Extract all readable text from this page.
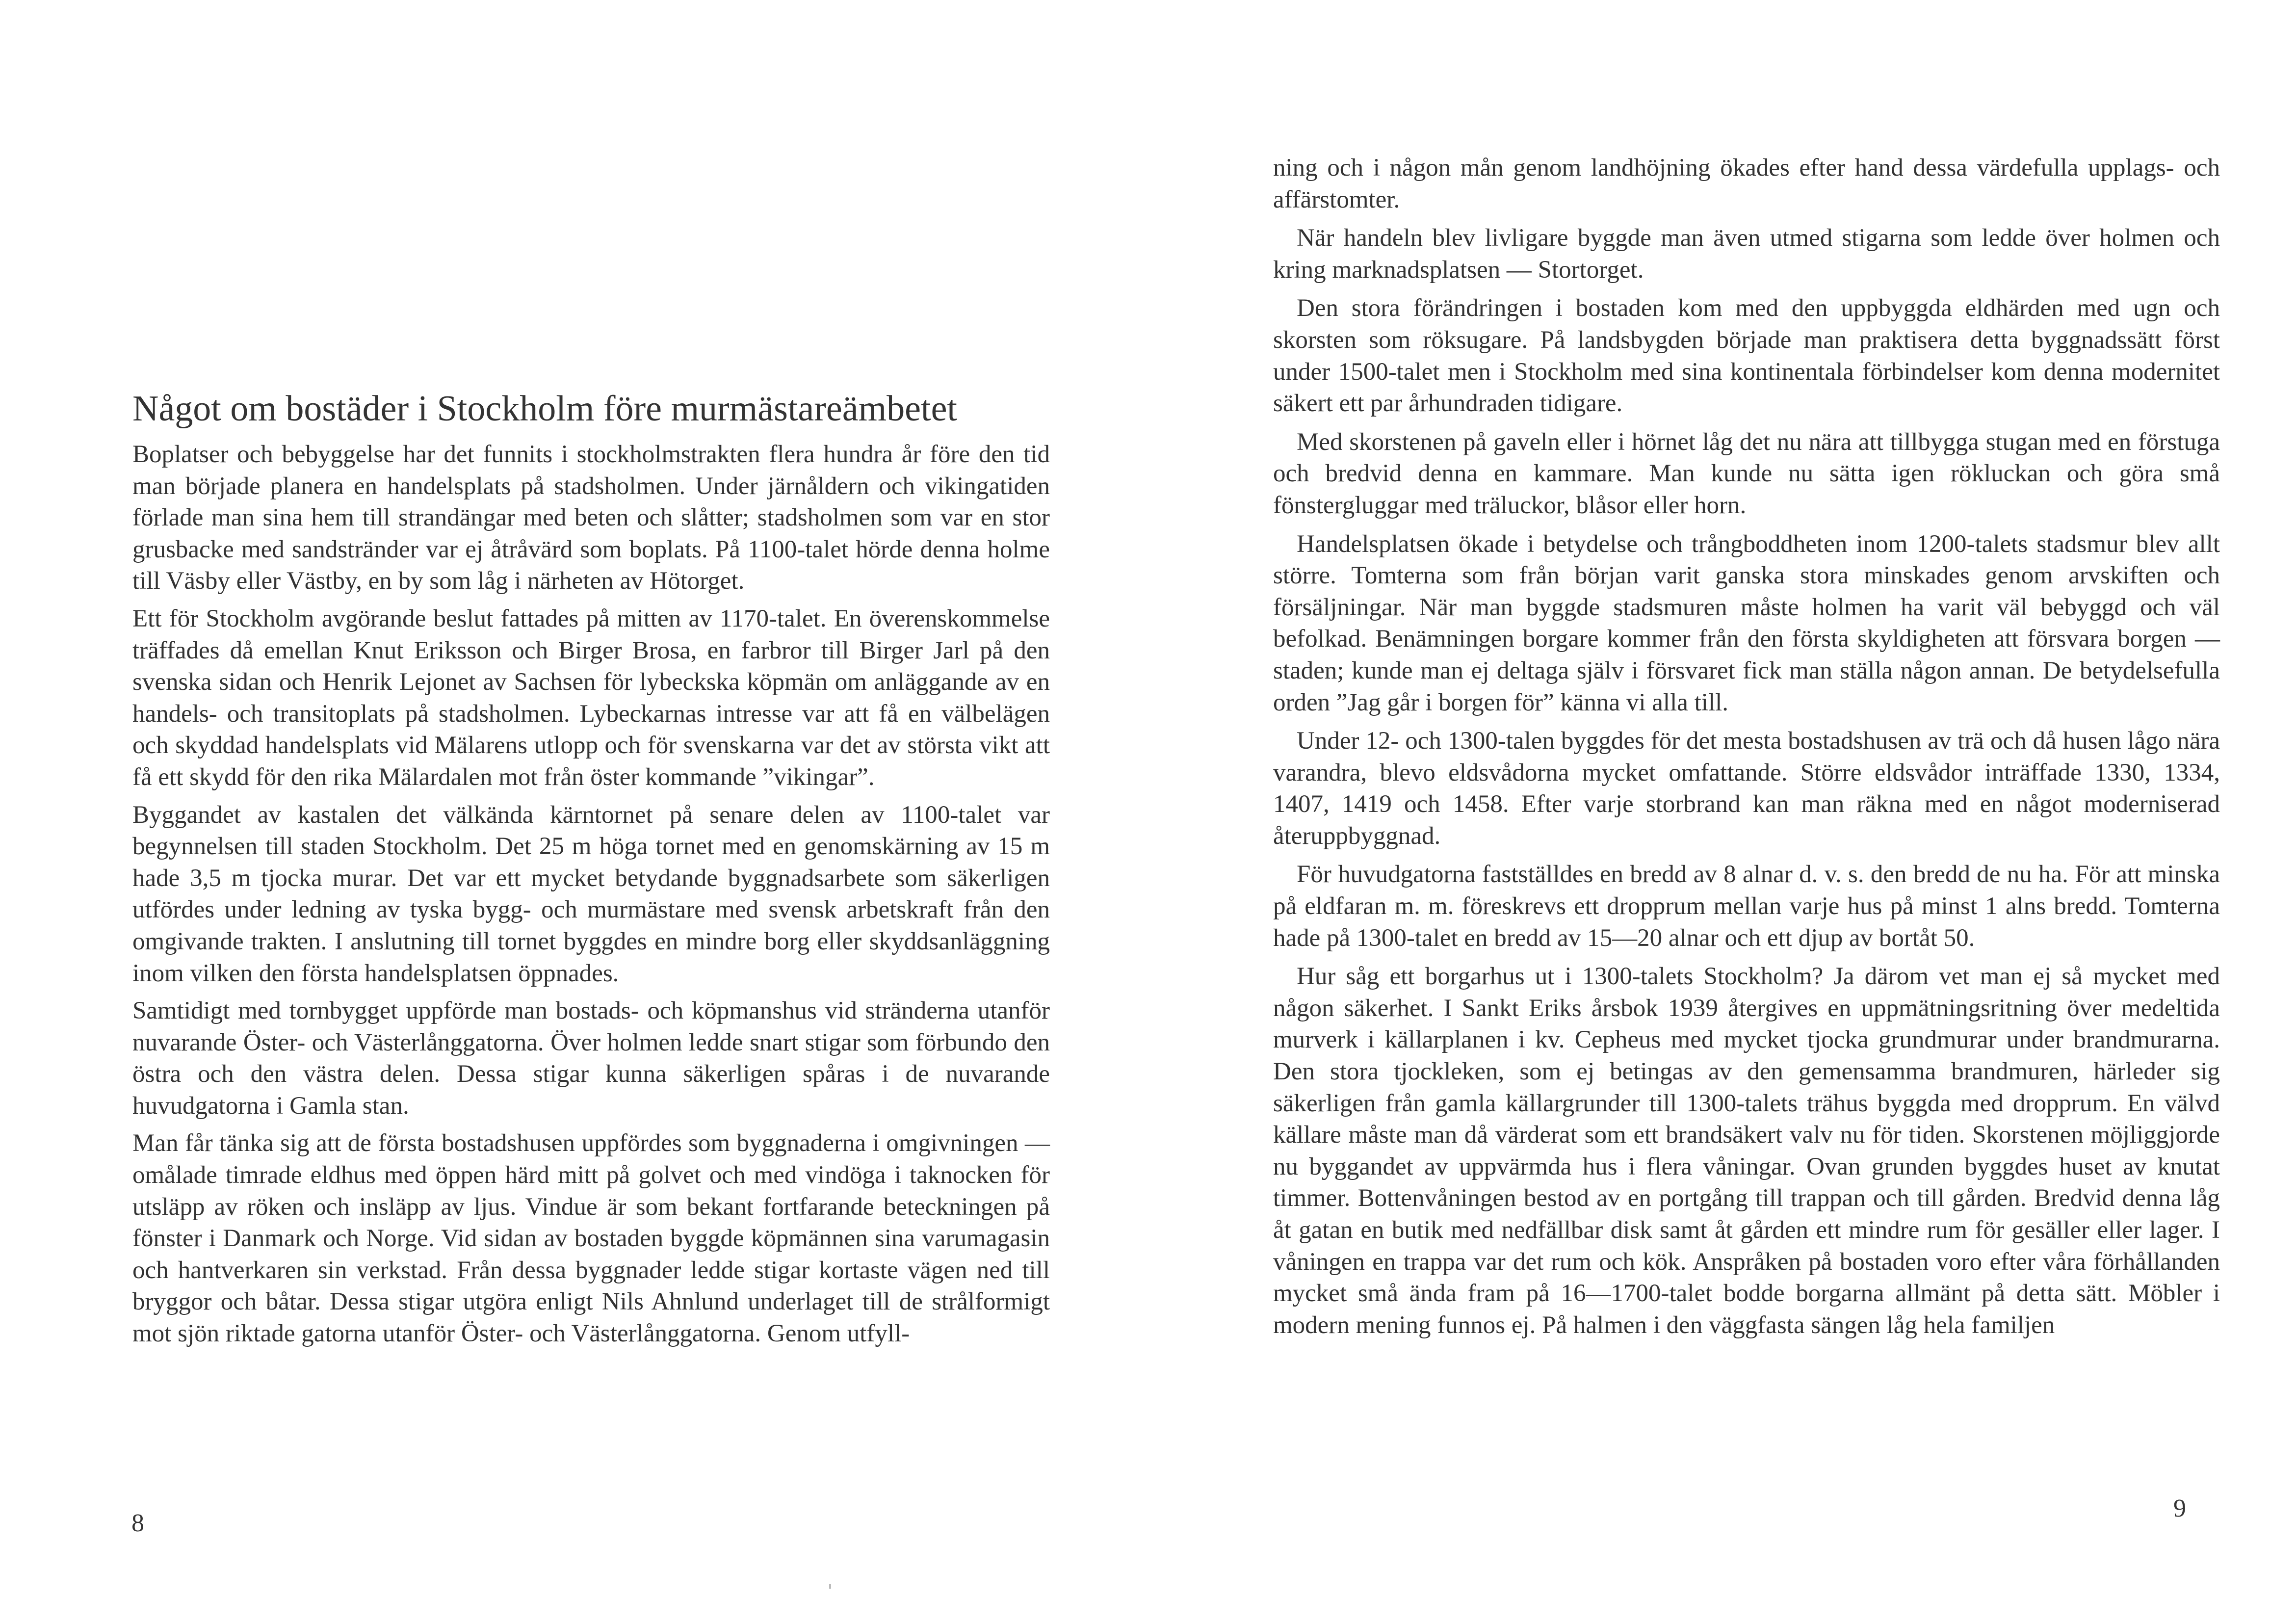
Något om bostäder i Stockholm före murmästareämbetet

Boplatser och bebyggelse har det funnits i stockholmstrakten flera hundra år före den tid man började planera en handelsplats på stadsholmen. Under järnåldern och vikingatiden förlade man sina hem till strandängar med beten och slåtter; stadsholmen som var en stor grusbacke med sandstränder var ej åtråvärd som boplats. På 1100-talet hörde denna holme till Väsby eller Västby, en by som låg i närheten av Hötorget.

Ett för Stockholm avgörande beslut fattades på mitten av 1170-talet. En överenskommelse träffades då emellan Knut Eriksson och Birger Brosa, en farbror till Birger Jarl på den svenska sidan och Henrik Lejonet av Sachsen för lybeckska köpmän om anläggande av en handels- och transitoplats på stadsholmen. Lybeckarnas intresse var att få en välbelägen och skyddad handelsplats vid Mälarens utlopp och för svenskarna var det av största vikt att få ett skydd för den rika Mälardalen mot från öster kommande ”vikingar”.

Byggandet av kastalen det välkända kärntornet på senare delen av 1100-talet var begynnelsen till staden Stockholm. Det 25 m höga tornet med en genomskärning av 15 m hade 3,5 m tjocka murar. Det var ett mycket betydande byggnadsarbete som säkerligen utfördes under ledning av tyska bygg- och murmästare med svensk arbetskraft från den omgivande trakten. I anslutning till tornet byggdes en mindre borg eller skyddsanläggning inom vilken den första handelsplatsen öppnades.

Samtidigt med tornbygget uppförde man bostads- och köpmanshus vid stränderna utanför nuvarande Öster- och Västerlånggatorna. Över holmen ledde snart stigar som förbundo den östra och den västra delen. Dessa stigar kunna säkerligen spåras i de nuvarande huvudgatorna i Gamla stan.

Man får tänka sig att de första bostadshusen uppfördes som byggnaderna i omgivningen — omålade timrade eldhus med öppen härd mitt på golvet och med vindöga i taknocken för utsläpp av röken och insläpp av ljus. Vindue är som bekant fortfarande beteckningen på fönster i Danmark och Norge. Vid sidan av bostaden byggde köpmännen sina varumagasin och hantverkaren sin verkstad. Från dessa byggnader ledde stigar kortaste vägen ned till bryggor och båtar. Dessa stigar utgöra enligt Nils Ahnlund underlaget till de strålformigt mot sjön riktade gatorna utanför Öster- och Västerlånggatorna. Genom utfyll-

8

ning och i någon mån genom landhöjning ökades efter hand dessa värdefulla upplags- och affärstomter.

När handeln blev livligare byggde man även utmed stigarna som ledde över holmen och kring marknadsplatsen — Stortorget.

Den stora förändringen i bostaden kom med den uppbyggda eldhärden med ugn och skorsten som röksugare. På landsbygden började man praktisera detta byggnadssätt först under 1500-talet men i Stockholm med sina kontinentala förbindelser kom denna modernitet säkert ett par århundraden tidigare.

Med skorstenen på gaveln eller i hörnet låg det nu nära att tillbygga stugan med en förstuga och bredvid denna en kammare. Man kunde nu sätta igen rökluckan och göra små fönstergluggar med träluckor, blåsor eller horn.

Handelsplatsen ökade i betydelse och trångboddheten inom 1200-talets stadsmur blev allt större. Tomterna som från början varit ganska stora minskades genom arvskiften och försäljningar. När man byggde stadsmuren måste holmen ha varit väl bebyggd och väl befolkad. Benämningen borgare kommer från den första skyldigheten att försvara borgen — staden; kunde man ej deltaga själv i försvaret fick man ställa någon annan. De betydelsefulla orden ”Jag går i borgen för” känna vi alla till.

Under 12- och 1300-talen byggdes för det mesta bostadshusen av trä och då husen lågo nära varandra, blevo eldsvådorna mycket omfattande. Större eldsvådor inträffade 1330, 1334, 1407, 1419 och 1458. Efter varje storbrand kan man räkna med en något moderniserad återuppbyggnad.

För huvudgatorna fastställdes en bredd av 8 alnar d. v. s. den bredd de nu ha. För att minska på eldfaran m. m. föreskrevs ett dropprum mellan varje hus på minst 1 alns bredd. Tomterna hade på 1300-talet en bredd av 15—20 alnar och ett djup av bortåt 50.

Hur såg ett borgarhus ut i 1300-talets Stockholm? Ja därom vet man ej så mycket med någon säkerhet. I Sankt Eriks årsbok 1939 återgives en uppmätningsritning över medeltida murverk i källarplanen i kv. Cepheus med mycket tjocka grundmurar under brandmurarna. Den stora tjockleken, som ej betingas av den gemensamma brandmuren, härleder sig säkerligen från gamla källargrunder till 1300-talets trähus byggda med dropprum. En välvd källare måste man då värderat som ett brandsäkert valv nu för tiden. Skorstenen möjliggjorde nu byggandet av uppvärmda hus i flera våningar. Ovan grunden byggdes huset av knutat timmer. Bottenvåningen bestod av en portgång till trappan och till gården. Bredvid denna låg åt gatan en butik med nedfällbar disk samt åt gården ett mindre rum för gesäller eller lager. I våningen en trappa var det rum och kök. Anspråken på bostaden voro efter våra förhållanden mycket små ända fram på 16—1700-talet bodde borgarna allmänt på detta sätt. Möbler i modern mening funnos ej. På halmen i den väggfasta sängen låg hela familjen

9
